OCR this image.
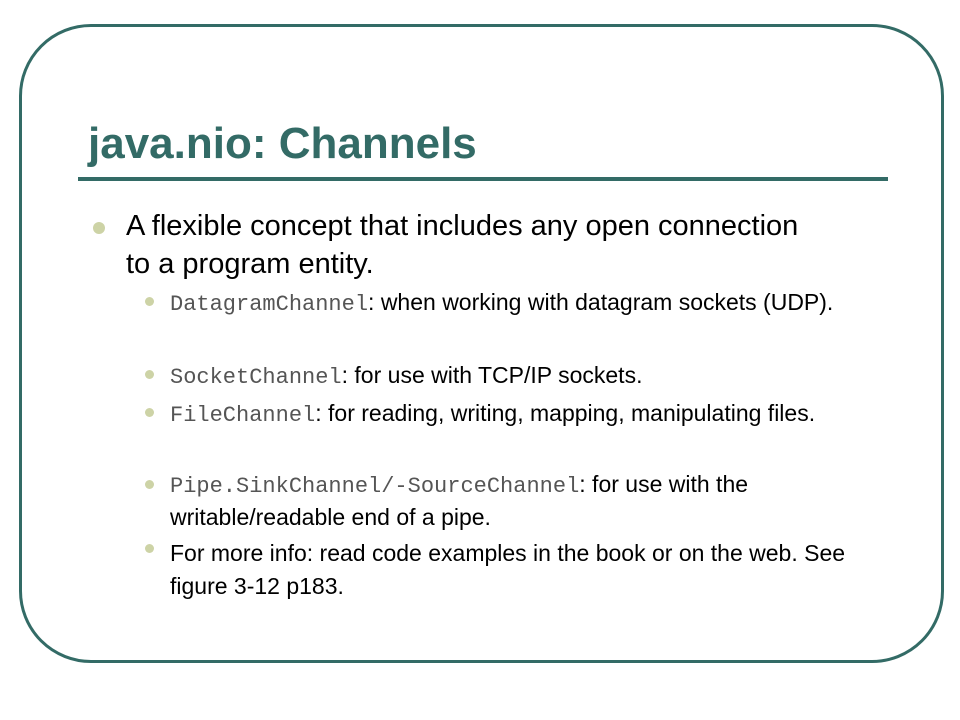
java.nio: Channels
A flexible concept that includes any open connection to a program entity.
DatagramChannel: when working with datagram sockets (UDP).
SocketChannel: for use with TCP/IP sockets.
FileChannel: for reading, writing, mapping, manipulating files.
Pipe.SinkChannel/-SourceChannel: for use with the writable/readable end of a pipe.
For more info: read code examples in the book or on the web. See figure 3-12 p183.
